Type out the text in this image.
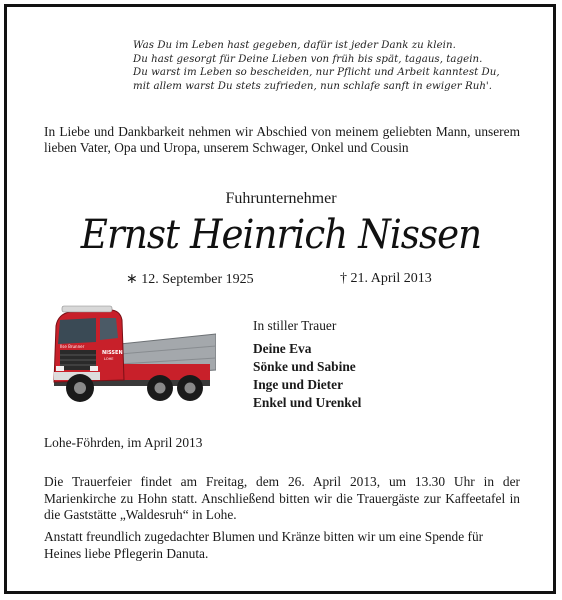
Was Du im Leben hast gegeben, dafür ist jeder Dank zu klein.
Du hast gesorgt für Deine Lieben von früh bis spät, tagaus, tagein.
Du warst im Leben so bescheiden, nur Pflicht und Arbeit kanntest Du,
mit allem warst Du stets zufrieden, nun schlafe sanft in ewiger Ruh'.
In Liebe und Dankbarkeit nehmen wir Abschied von meinem geliebten Mann, unserem lieben Vater, Opa und Uropa, unserem Schwager, Onkel und Cousin
Fuhrunternehmer
Ernst Heinrich Nissen
∗ 12. September 1925	† 21. April 2013
Ilse Brunner
NISSEN
LOHE
In stiller Trauer
Deine Eva
Sönke und Sabine
Inge und Dieter
Enkel und Urenkel
Lohe-Föhrden, im April 2013
Die Trauerfeier findet am Freitag, dem 26. April 2013, um 13.30 Uhr in der Marienkirche zu Hohn statt. Anschließend bitten wir die Trauergäste zur Kaffeetafel in die Gaststätte „Waldesruh“ in Lohe.
Anstatt freundlich zugedachter Blumen und Kränze bitten wir um eine Spende für Heines liebe Pflegerin Danuta.
